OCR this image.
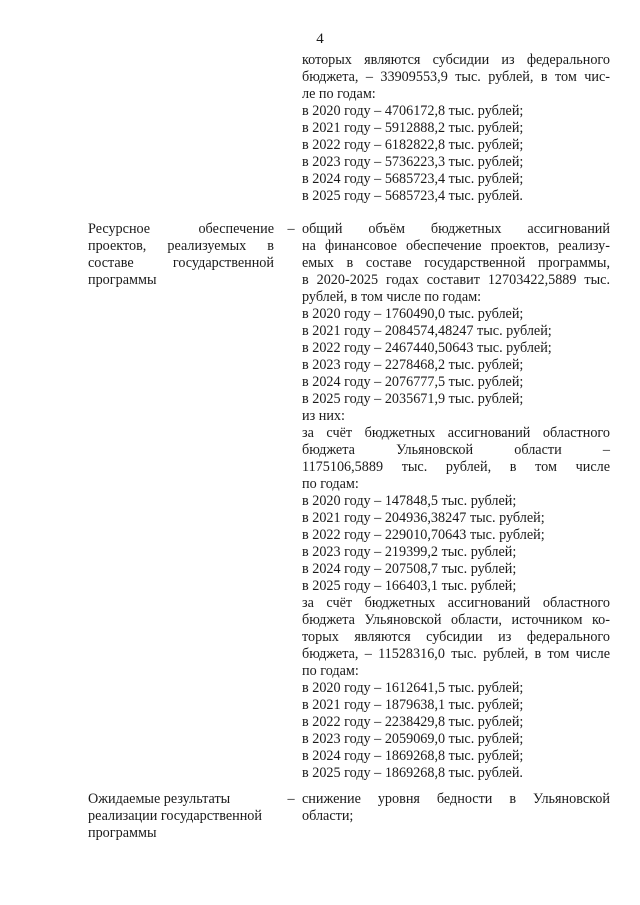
4
которых являются субсидии из федерального
бюджета, – 33909553,9 тыс. рублей, в том чис-
ле по годам:
в 2020 году – 4706172,8 тыс. рублей;
в 2021 году – 5912888,2 тыс. рублей;
в 2022 году – 6182822,8 тыс. рублей;
в 2023 году – 5736223,3 тыс. рублей;
в 2024 году – 5685723,4 тыс. рублей;
в 2025 году – 5685723,4 тыс. рублей.
Ресурсное обеспечение
проектов, реализуемых в
составе государственной
программы
– общий объём бюджетных ассигнований
на финансовое обеспечение проектов, реализу-
емых в составе государственной программы,
в 2020-2025 годах составит 12703422,5889 тыс.
рублей, в том числе по годам:
в 2020 году – 1760490,0 тыс. рублей;
в 2021 году – 2084574,48247 тыс. рублей;
в 2022 году – 2467440,50643 тыс. рублей;
в 2023 году – 2278468,2 тыс. рублей;
в 2024 году – 2076777,5 тыс. рублей;
в 2025 году – 2035671,9 тыс. рублей;
из них:
за счёт бюджетных ассигнований областного
бюджета Ульяновской области –
1175106,5889 тыс. рублей, в том числе
по годам:
в 2020 году – 147848,5 тыс. рублей;
в 2021 году – 204936,38247 тыс. рублей;
в 2022 году – 229010,70643 тыс. рублей;
в 2023 году – 219399,2 тыс. рублей;
в 2024 году – 207508,7 тыс. рублей;
в 2025 году – 166403,1 тыс. рублей;
за счёт бюджетных ассигнований областного
бюджета Ульяновской области, источником ко-
торых являются субсидии из федерального
бюджета, – 11528316,0 тыс. рублей, в том числе
по годам:
в 2020 году – 1612641,5 тыс. рублей;
в 2021 году – 1879638,1 тыс. рублей;
в 2022 году – 2238429,8 тыс. рублей;
в 2023 году – 2059069,0 тыс. рублей;
в 2024 году – 1869268,8 тыс. рублей;
в 2025 году – 1869268,8 тыс. рублей.
Ожидаемые результаты
реализации государственной
программы
– снижение уровня бедности в Ульяновской
области;
